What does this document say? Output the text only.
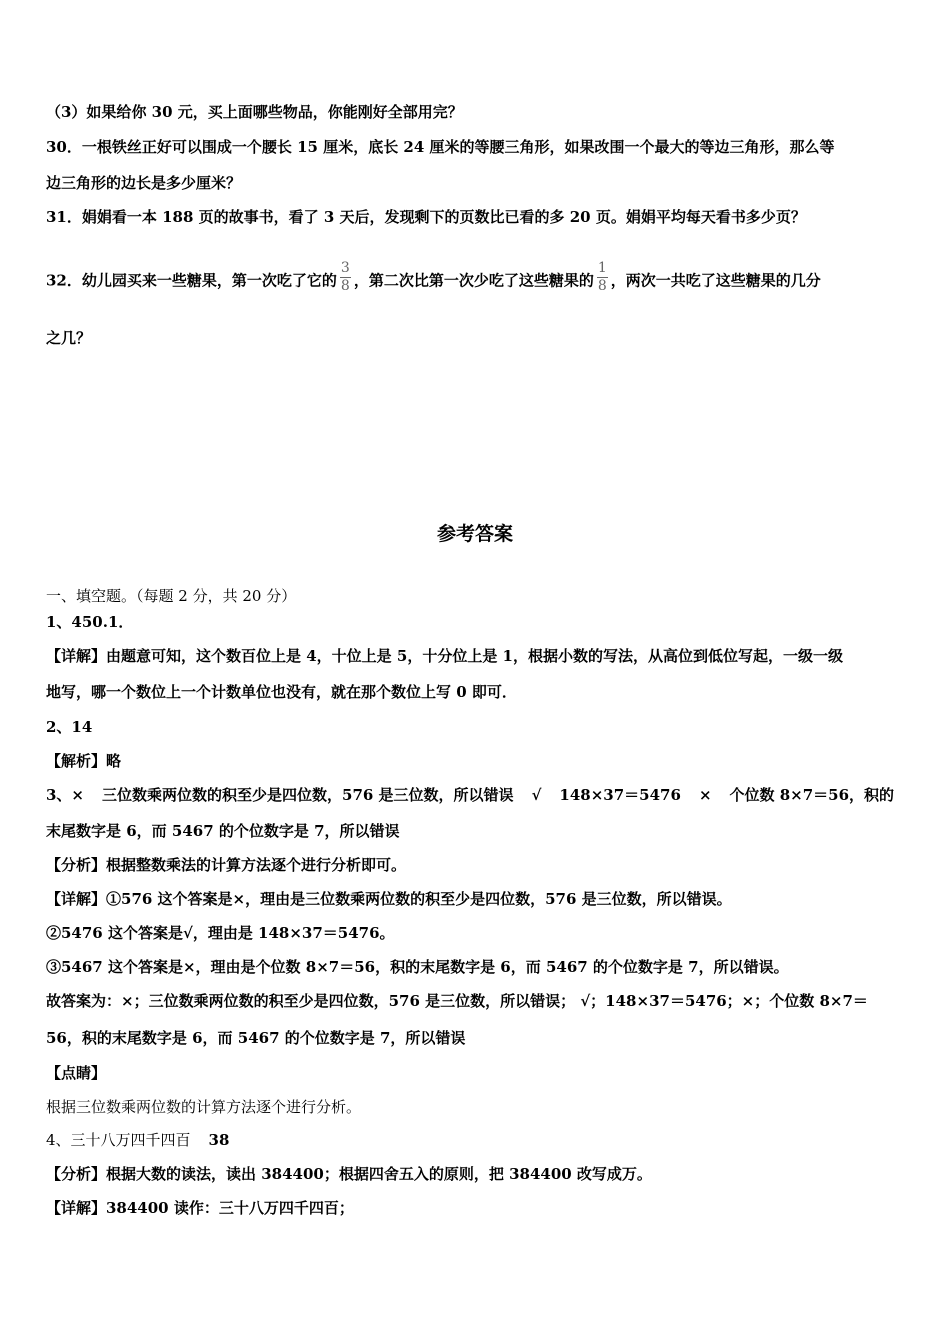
（3）如果给你 30 元，买上面哪些物品，你能刚好全部用完？
30．一根铁丝正好可以围成一个腰长 15 厘米，底长 24 厘米的等腰三角形，如果改围一个最大的等边三角形，那么等
边三角形的边长是多少厘米？
31．娟娟看一本 188 页的故事书，看了 3 天后，发现剩下的页数比已看的多 20 页。娟娟平均每天看书多少页？
32．幼儿园买来一些糖果，第一次吃了它的 $\frac{3}{8}$ ，第二次比第一次少吃了这些糖果的 $\frac{1}{8}$ ，两次一共吃了这些糖果的几分
之几？
参考答案
一、填空题。（每题 2 分，共 20 分）
1、450.1．
【详解】由题意可知，这个数百位上是 4，十位上是 5，十分位上是 1，根据小数的写法，从高位到低位写起，一级一级
地写，哪一个数位上一个计数单位也没有，就在那个数位上写 0 即可．
2、14
【解析】略
3、× 三位数乘两位数的积至少是四位数，576 是三位数，所以错误 √ 148×37＝5476 × 个位数 8×7＝56，积的
末尾数字是 6，而 5467 的个位数字是 7，所以错误
【分析】根据整数乘法的计算方法逐个进行分析即可。
【详解】①576 这个答案是×，理由是三位数乘两位数的积至少是四位数，576 是三位数，所以错误。
②5476 这个答案是√，理由是 148×37＝5476。
③5467 这个答案是×，理由是个位数 8×7＝56，积的末尾数字是 6，而 5467 的个位数字是 7，所以错误。
故答案为：×；三位数乘两位数的积至少是四位数，576 是三位数，所以错误； √；148×37＝5476；×；个位数 8×7＝
56，积的末尾数字是 6，而 5467 的个位数字是 7，所以错误
【点睛】
根据三位数乘两位数的计算方法逐个进行分析。
4、三十八万四千四百 38
【分析】根据大数的读法，读出 384400；根据四舍五入的原则，把 384400 改写成万。
【详解】384400 读作：三十八万四千四百；
